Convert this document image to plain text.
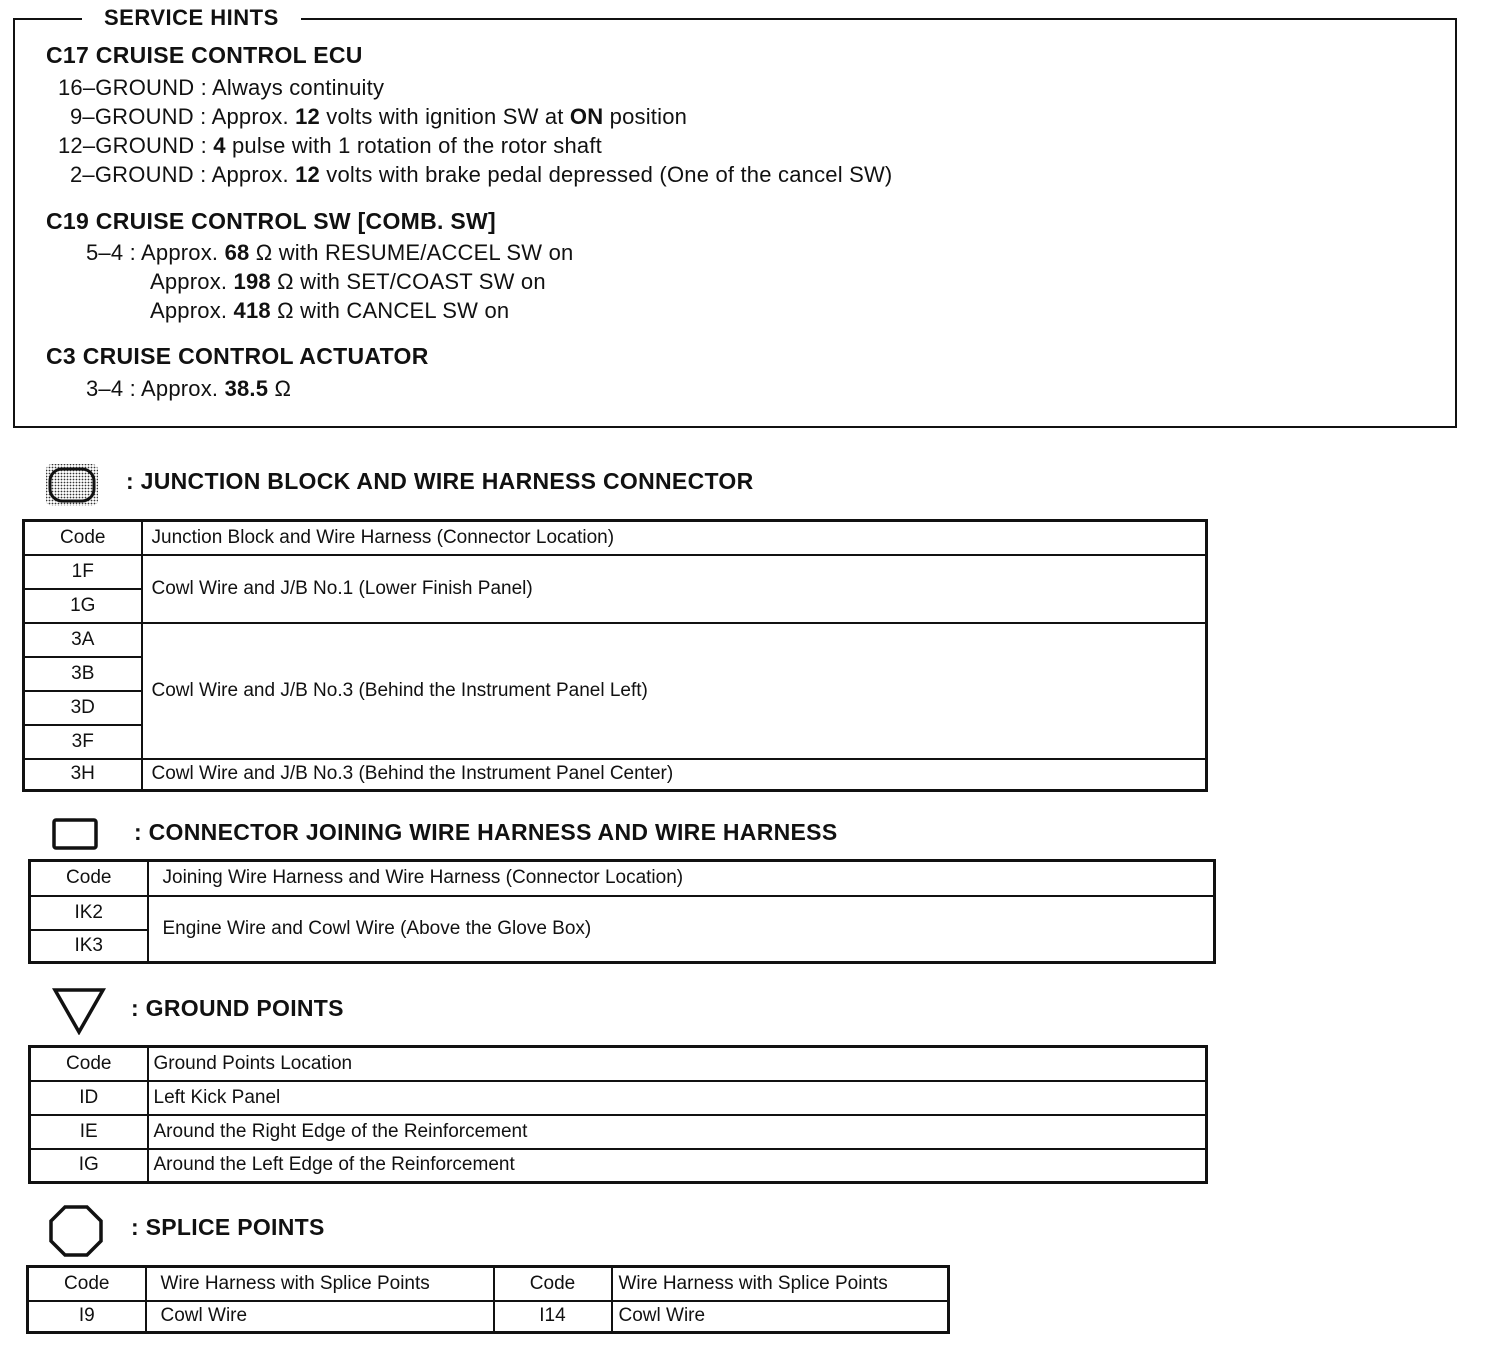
SERVICE HINTS
C17 CRUISE CONTROL ECU
16–GROUND : Always continuity
9–GROUND : Approx. 12 volts with ignition SW at ON position
12–GROUND : 4 pulse with 1 rotation of the rotor shaft
2–GROUND : Approx. 12 volts with brake pedal depressed (One of the cancel SW)
C19 CRUISE CONTROL SW [COMB. SW]
5–4 : Approx. 68 Ω with RESUME/ACCEL SW on
Approx. 198 Ω with SET/COAST SW on
Approx. 418 Ω with CANCEL SW on
C3 CRUISE CONTROL ACTUATOR
3–4 : Approx. 38.5 Ω
: JUNCTION BLOCK AND WIRE HARNESS CONNECTOR
Code	Junction Block and Wire Harness (Connector Location)
1F	Cowl Wire and J/B No.1 (Lower Finish Panel)
1G	
3A	Cowl Wire and J/B No.3 (Behind the Instrument Panel Left)
3B	
3D	
3F	
3H	Cowl Wire and J/B No.3 (Behind the Instrument Panel Center)
: CONNECTOR JOINING WIRE HARNESS AND WIRE HARNESS
Code	Joining Wire Harness and Wire Harness (Connector Location)
IK2	Engine Wire and Cowl Wire (Above the Glove Box)
IK3	
: GROUND POINTS
Code	Ground Points Location
ID	Left Kick Panel
IE	Around the Right Edge of the Reinforcement
IG	Around the Left Edge of the Reinforcement
: SPLICE POINTS
Code	Wire Harness with Splice Points	Code	Wire Harness with Splice Points
I9	Cowl Wire	I14	Cowl Wire
